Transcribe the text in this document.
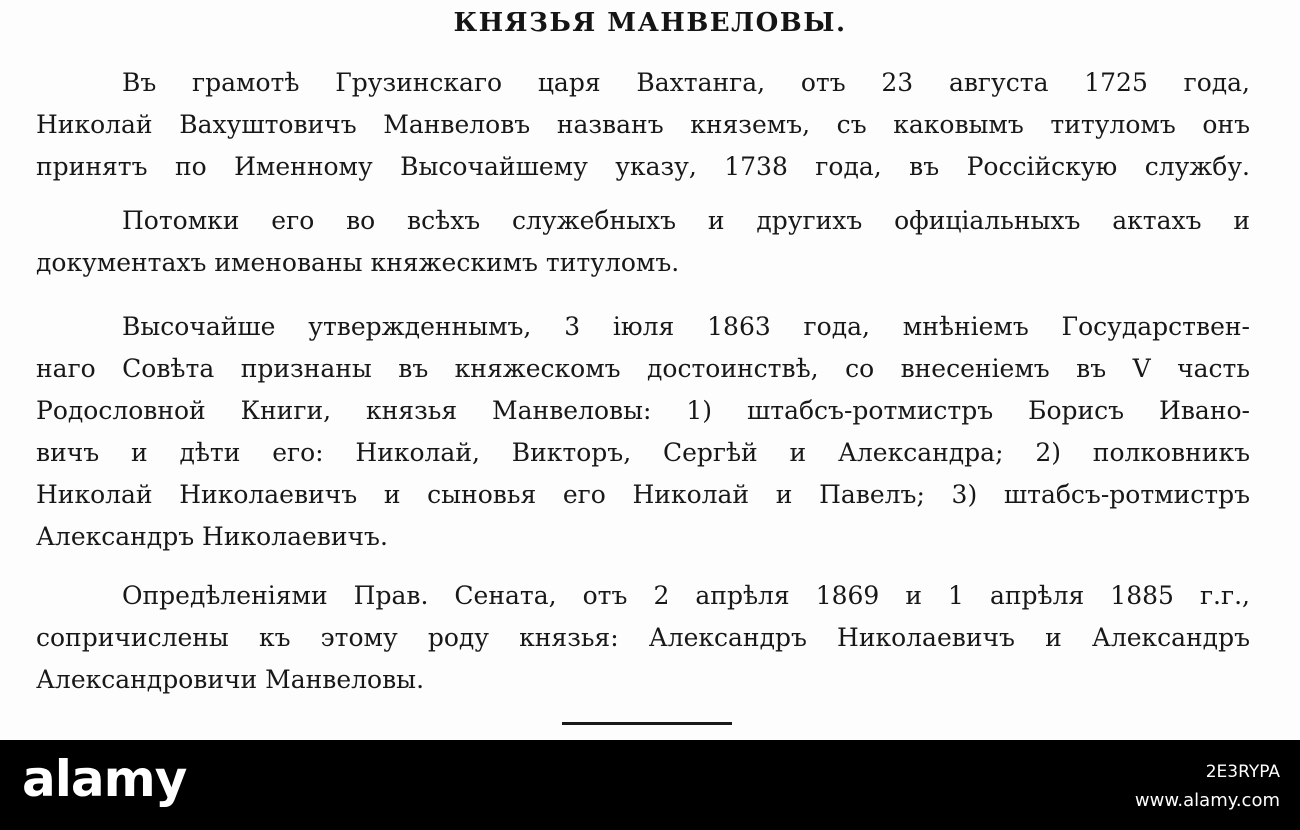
КНЯЗЬЯ МАНВЕЛОВЫ.
Въ грамотѣ Грузинскаго царя Вахтанга, отъ 23 августа 1725 года,
Николай Вахуштовичъ Манвеловъ названъ княземъ, съ каковымъ титуломъ онъ
принятъ по Именному Высочайшему указу, 1738 года, въ Россійскую службу.
Потомки его во всѣхъ служебныхъ и другихъ офиціальныхъ актахъ и
документахъ именованы княжескимъ титуломъ.
Высочайше утвержденнымъ, 3 іюля 1863 года, мнѣніемъ Государствен-
наго Совѣта признаны въ княжескомъ достоинствѣ, со внесеніемъ въ V часть
Родословной Книги, князья Манвеловы: 1) штабсъ-ротмистръ Борисъ Ивано-
вичъ и дѣти его: Николай, Викторъ, Сергѣй и Александра; 2) полковникъ
Николай Николаевичъ и сыновья его Николай и Павелъ; 3) штабсъ-ротмистръ
Александръ Николаевичъ.
Опредѣленіями Прав. Сената, отъ 2 апрѣля 1869 и 1 апрѣля 1885 г.г.,
сопричислены къ этому роду князья: Александръ Николаевичъ и Александръ
Александровичи Манвеловы.
alamy	2E3RYPA
www.alamy.com
